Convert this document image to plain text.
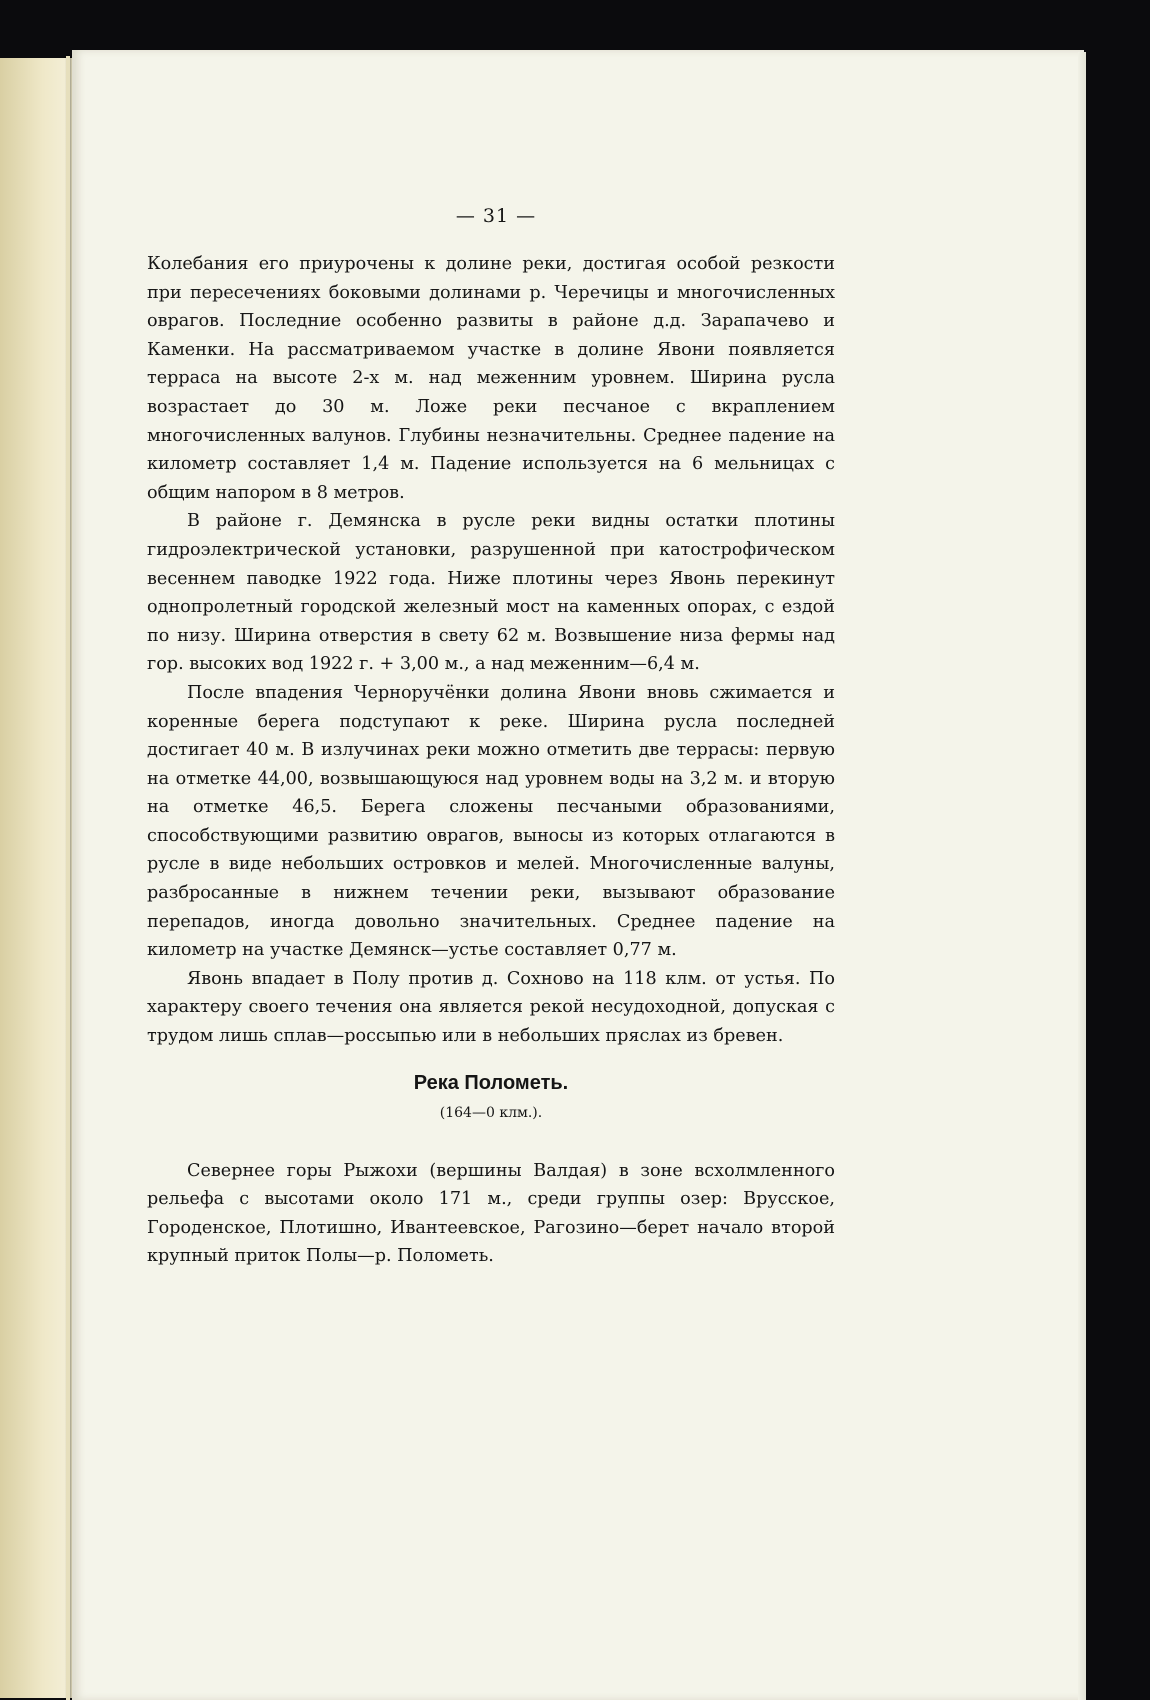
— 31 —

Колебания его приурочены к долине реки, достигая особой резкости при пересечениях боковыми долинами р. Черечицы и многочисленных оврагов. Последние особенно развиты в районе д.д. Зарапачево и Каменки. На рассматриваемом участке в долине Явони появляется терраса на высоте 2-х м. над меженним уровнем. Ширина русла возрастает до 30 м. Ложе реки песчаное с вкраплением многочисленных валунов. Глубины незначительны. Среднее падение на километр составляет 1,4 м. Падение используется на 6 мельницах с общим напором в 8 метров.

В районе г. Демянска в русле реки видны остатки плотины гидроэлектрической установки, разрушенной при катострофическом весеннем паводке 1922 года. Ниже плотины через Явонь перекинут однопролетный городской железный мост на каменных опорах, с ездой по низу. Ширина отверстия в свету 62 м. Возвышение низа фермы над гор. высоких вод 1922 г. + 3,00 м., а над меженним—6,4 м.

После впадения Черноручёнки долина Явони вновь сжимается и коренные берега подступают к реке. Ширина русла последней достигает 40 м. В излучинах реки можно отметить две террасы: первую на отметке 44,00, возвышающуюся над уровнем воды на 3,2 м. и вторую на отметке 46,5. Берега сложены песчаными образованиями, способствующими развитию оврагов, выносы из которых отлагаются в русле в виде небольших островков и мелей. Многочисленные валуны, разбросанные в нижнем течении реки, вызывают образование перепадов, иногда довольно значительных. Среднее падение на километр на участке Демянск—устье составляет 0,77 м.

Явонь впадает в Полу против д. Сохново на 118 клм. от устья. По характеру своего течения она является рекой несудоходной, допуская с трудом лишь сплав—россыпью или в небольших пряслах из бревен.

Река Полометь.
(164—0 клм.).

Севернее горы Рыжохи (вершины Валдая) в зоне всхолмленного рельефа с высотами около 171 м., среди группы озер: Врусское, Городенское, Плотишно, Ивантеевское, Рагозино—берет начало второй крупный приток Полы—р. Полометь.
